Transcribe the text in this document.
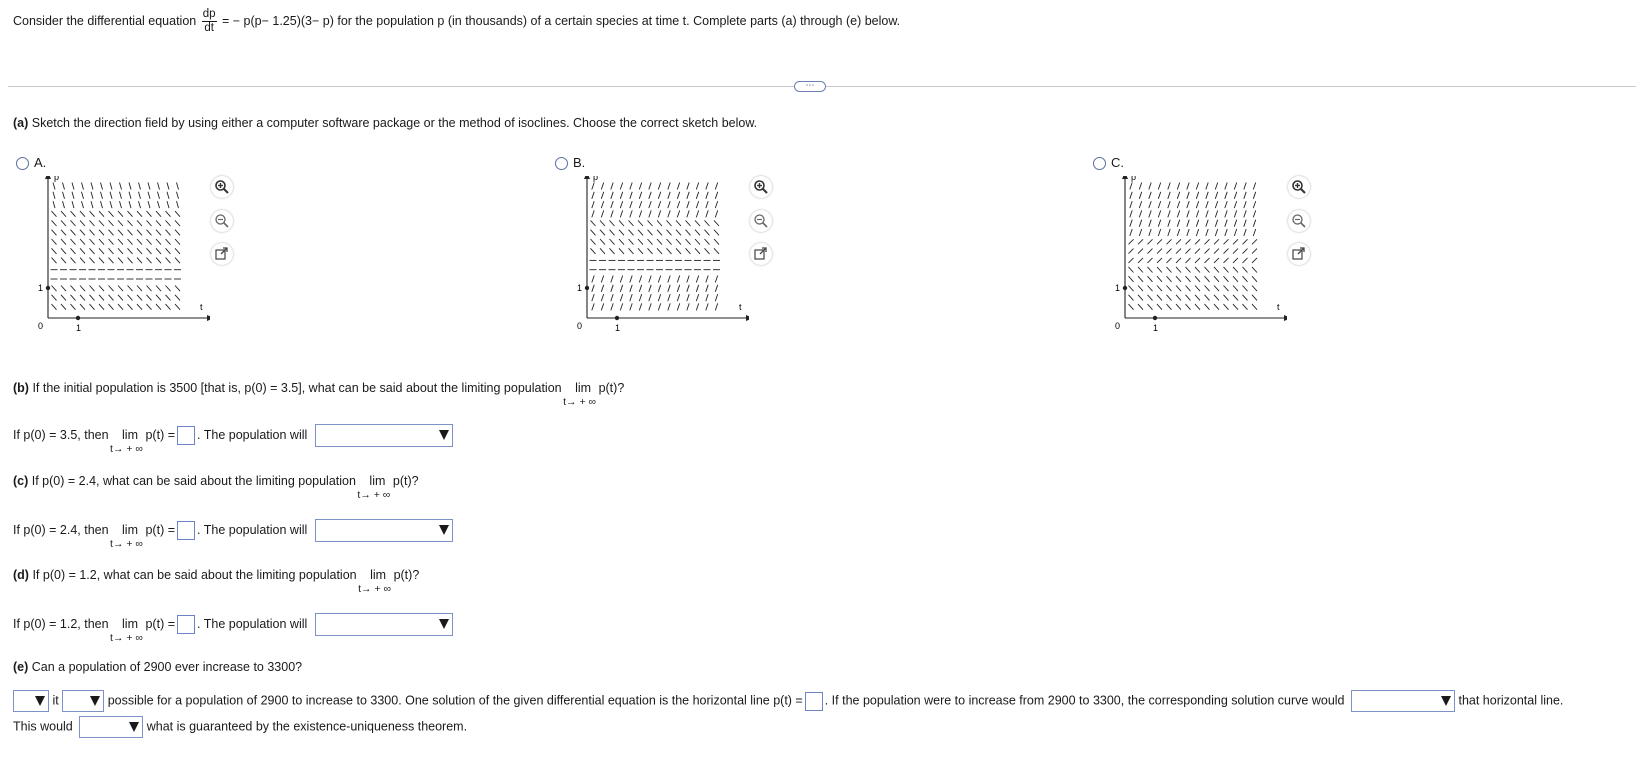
Consider the differential equation $\frac{dp}{dt}$ = − p(p− 1.25)(3− p) for the population p (in thousands) of a certain species at time t. Complete parts (a) through (e) below.
⋯
(a) Sketch the direction field by using either a computer software package or the method of isoclines. Choose the correct sketch below.
A.	B.	C.
p
t
1
0	1
p
t
1
0	1
p
t
1
0	1
(b) If the initial population is 3500 [that is, p(0) = 3.5], what can be said about the limiting population lim
t→ + ∞
p(t)?
If p(0) = 3.5, then lim
t→ + ∞
p(t) = . The population will
(c) If p(0) = 2.4, what can be said about the limiting population lim
t→ + ∞
p(t)?
If p(0) = 2.4, then lim
t→ + ∞
p(t) = . The population will
(d) If p(0) = 1.2, what can be said about the limiting population lim
t→ + ∞
p(t)?
If p(0) = 1.2, then lim
t→ + ∞
p(t) = . The population will
(e) Can a population of 2900 ever increase to 3300?
it	possible for a population of 2900 to increase to 3300. One solution of the given differential equation is the horizontal line p(t) = . If the population were to increase from 2900 to 3300, the corresponding solution curve would	that horizontal line.
This would	what is guaranteed by the existence-uniqueness theorem.
